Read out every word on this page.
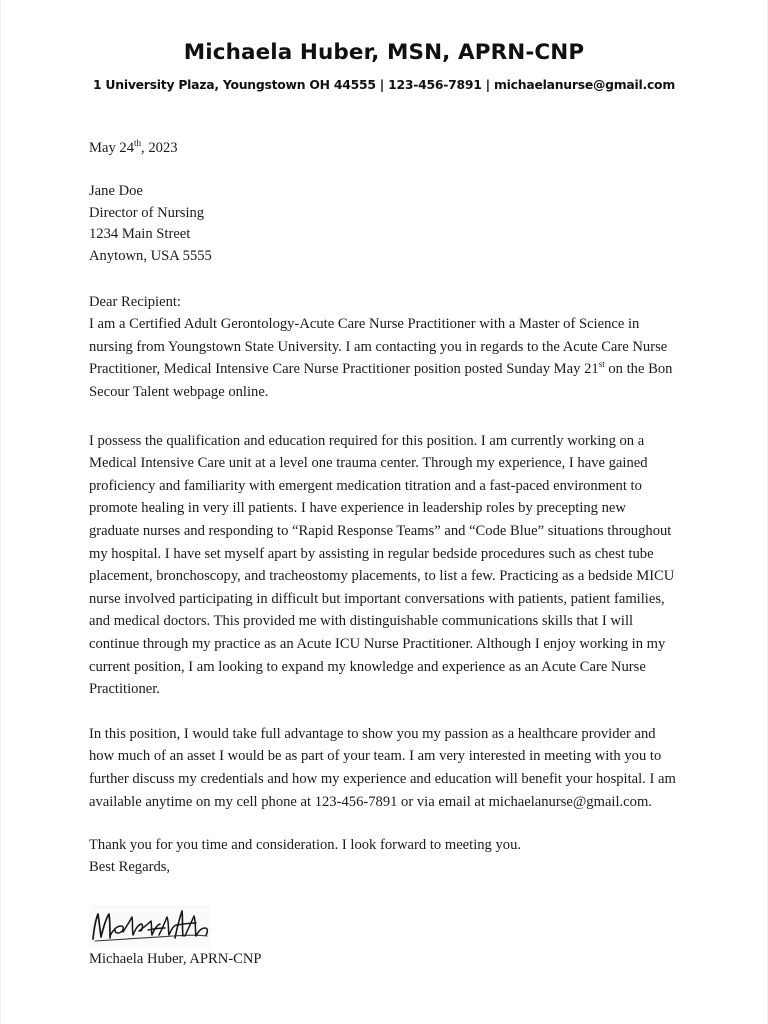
Michaela Huber, MSN, APRN-CNP
1 University Plaza, Youngstown OH 44555 | 123-456-7891 | michaelanurse@gmail.com

May 24th, 2023

Jane Doe

Director of Nursing

1234 Main Street

Anytown, USA 5555

Dear Recipient:

I am a Certified Adult Gerontology-Acute Care Nurse Practitioner with a Master of Science in nursing from Youngstown State University. I am contacting you in regards to the Acute Care Nurse Practitioner, Medical Intensive Care Nurse Practitioner position posted Sunday May 21st on the Bon Secour Talent webpage online.

I possess the qualification and education required for this position. I am currently working on a Medical Intensive Care unit at a level one trauma center. Through my experience, I have gained proficiency and familiarity with emergent medication titration and a fast-paced environment to promote healing in very ill patients. I have experience in leadership roles by precepting new graduate nurses and responding to “Rapid Response Teams” and “Code Blue” situations throughout my hospital. I have set myself apart by assisting in regular bedside procedures such as chest tube placement, bronchoscopy, and tracheostomy placements, to list a few. Practicing as a bedside MICU nurse involved participating in difficult but important conversations with patients, patient families, and medical doctors. This provided me with distinguishable communications skills that I will continue through my practice as an Acute ICU Nurse Practitioner. Although I enjoy working in my current position, I am looking to expand my knowledge and experience as an Acute Care Nurse Practitioner.

In this position, I would take full advantage to show you my passion as a healthcare provider and how much of an asset I would be as part of your team. I am very interested in meeting with you to further discuss my credentials and how my experience and education will benefit your hospital. I am available anytime on my cell phone at 123-456-7891 or via email at michaelanurse@gmail.com.

Thank you for you time and consideration. I look forward to meeting you.

Best Regards,

Michaela Huber, APRN-CNP
